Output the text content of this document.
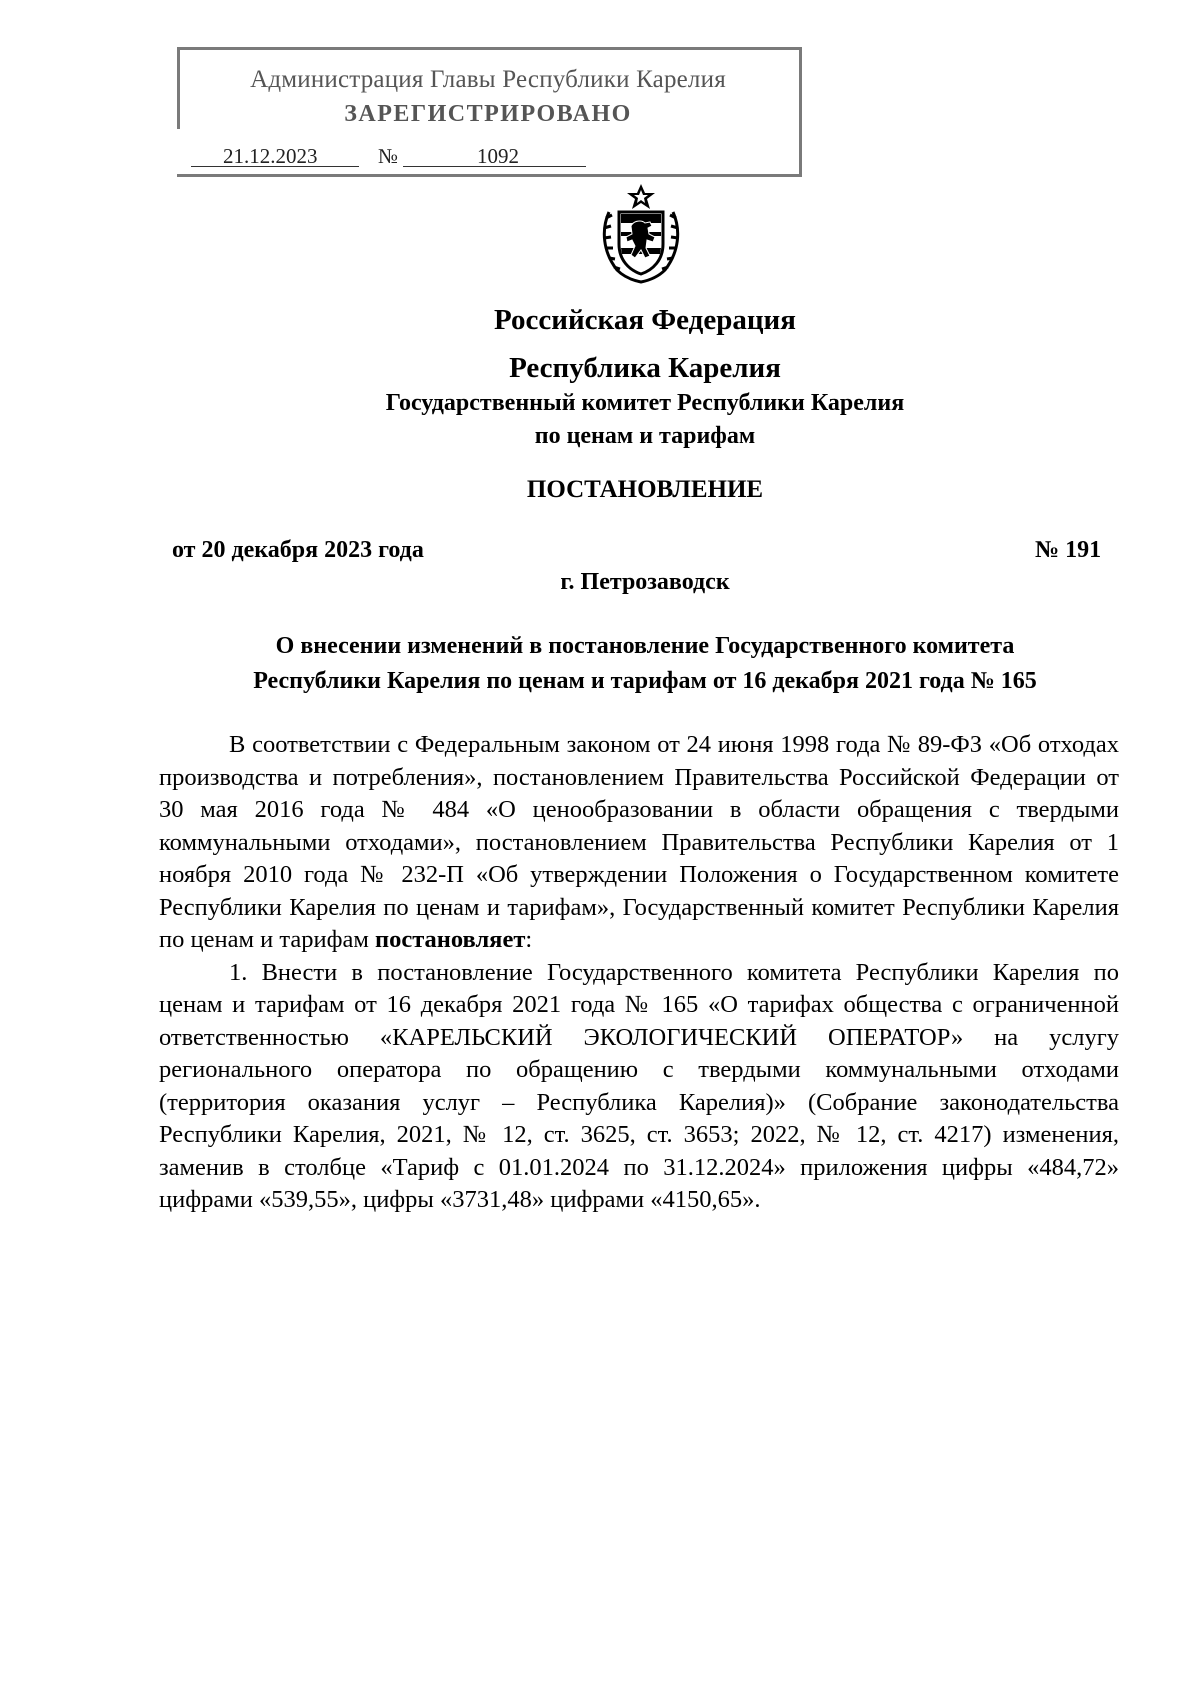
Администрация Главы Республики Карелия
ЗАРЕГИСТРИРОВАНО
21.12.2023	№	1092
Российская Федерация
Республика Карелия
Государственный комитет Республики Карелия
по ценам и тарифам
ПОСТАНОВЛЕНИЕ
от 20 декабря 2023 года	№ 191
г. Петрозаводск
О внесении изменений в постановление Государственного комитета
Республики Карелия по ценам и тарифам от 16 декабря 2021 года № 165

В соответствии с Федеральным законом от 24 июня 1998 года № 89-ФЗ «Об отходах производства и потребления», постановлением Правительства Российской Федерации от 30 мая 2016 года № 484 «О ценообразовании в области обращения с твердыми коммунальными отходами», постановлением Правительства Республики Карелия от 1 ноября 2010 года № 232-П «Об утверждении Положения о Государственном комитете Республики Карелия по ценам и тарифам», Государственный комитет Республики Карелия по ценам и тарифам постановляет:

1. Внести в постановление Государственного комитета Республики Карелия по ценам и тарифам от 16 декабря 2021 года № 165 «О тарифах общества с ограниченной ответственностью «КАРЕЛЬСКИЙ ЭКОЛОГИЧЕСКИЙ ОПЕРАТОР» на услугу регионального оператора по обращению с твердыми коммунальными отходами (территория оказания услуг – Республика Карелия)» (Собрание законодательства Республики Карелия, 2021, № 12, ст. 3625, ст. 3653; 2022, № 12, ст. 4217) изменения, заменив в столбце «Тариф с 01.01.2024 по 31.12.2024» приложения цифры «484,72» цифрами «539,55», цифры «3731,48» цифрами «4150,65».
